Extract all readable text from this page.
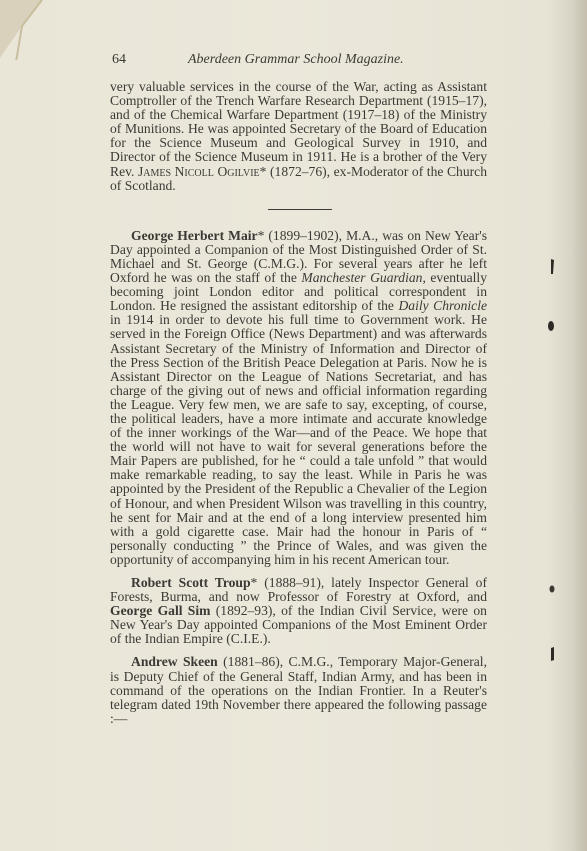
64	Aberdeen Grammar School Magazine.

very valuable services in the course of the War, acting as Assistant Comptroller of the Trench Warfare Research Department (1915–17), and of the Chemical Warfare Department (1917–18) of the Ministry of Munitions. He was appointed Secretary of the Board of Education for the Science Museum and Geological Survey in 1910, and Director of the Science Museum in 1911. He is a brother of the Very Rev. James Nicoll Ogilvie* (1872–76), ex-Moderator of the Church of Scotland.

George Herbert Mair* (1899–1902), M.A., was on New Year's Day appointed a Companion of the Most Distinguished Order of St. Michael and St. George (C.M.G.). For several years after he left Oxford he was on the staff of the Manchester Guardian, eventually becoming joint London editor and political correspondent in London. He resigned the assistant editorship of the Daily Chronicle in 1914 in order to devote his full time to Government work. He served in the Foreign Office (News Department) and was afterwards Assistant Secretary of the Ministry of Information and Director of the Press Section of the British Peace Delegation at Paris. Now he is Assistant Director on the League of Nations Secretariat, and has charge of the giving out of news and official information regarding the League. Very few men, we are safe to say, excepting, of course, the political leaders, have a more intimate and accurate knowledge of the inner workings of the War—and of the Peace. We hope that the world will not have to wait for several generations before the Mair Papers are published, for he “ could a tale unfold ” that would make remarkable reading, to say the least. While in Paris he was appointed by the President of the Republic a Chevalier of the Legion of Honour, and when President Wilson was travelling in this country, he sent for Mair and at the end of a long interview presented him with a gold cigarette case. Mair had the honour in Paris of “ personally conducting ” the Prince of Wales, and was given the opportunity of accompanying him in his recent American tour.

Robert Scott Troup* (1888–91), lately Inspector General of Forests, Burma, and now Professor of Forestry at Oxford, and George Gall Sim (1892–93), of the Indian Civil Service, were on New Year's Day appointed Companions of the Most Eminent Order of the Indian Empire (C.I.E.).

Andrew Skeen (1881–86), C.M.G., Temporary Major-General, is Deputy Chief of the General Staff, Indian Army, and has been in command of the operations on the Indian Frontier. In a Reuter's telegram dated 19th November there appeared the following passage :—
